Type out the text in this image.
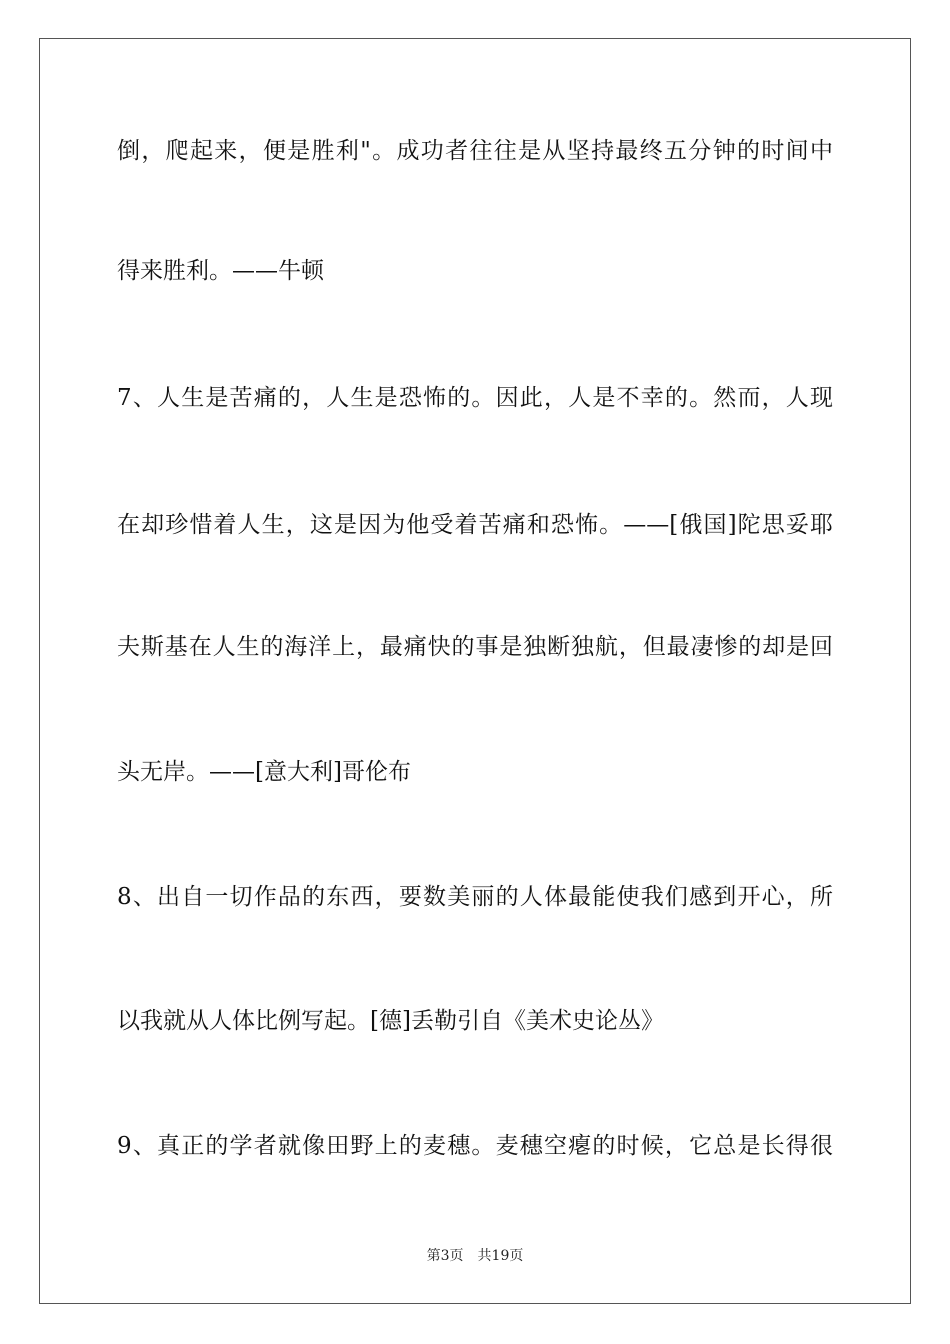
倒，爬起来，便是胜利"。成功者往往是从坚持最终五分钟的时间中
得来胜利。——牛顿
7、人生是苦痛的，人生是恐怖的。因此，人是不幸的。然而，人现
在却珍惜着人生，这是因为他受着苦痛和恐怖。——[俄国]陀思妥耶
夫斯基在人生的海洋上，最痛快的事是独断独航，但最凄惨的却是回
头无岸。——[意大利]哥伦布
8、出自一切作品的东西，要数美丽的人体最能使我们感到开心，所
以我就从人体比例写起。[德]丢勒引自《美术史论丛》
9、真正的学者就像田野上的麦穗。麦穗空瘪的时候，它总是长得很
第3页 共19页
